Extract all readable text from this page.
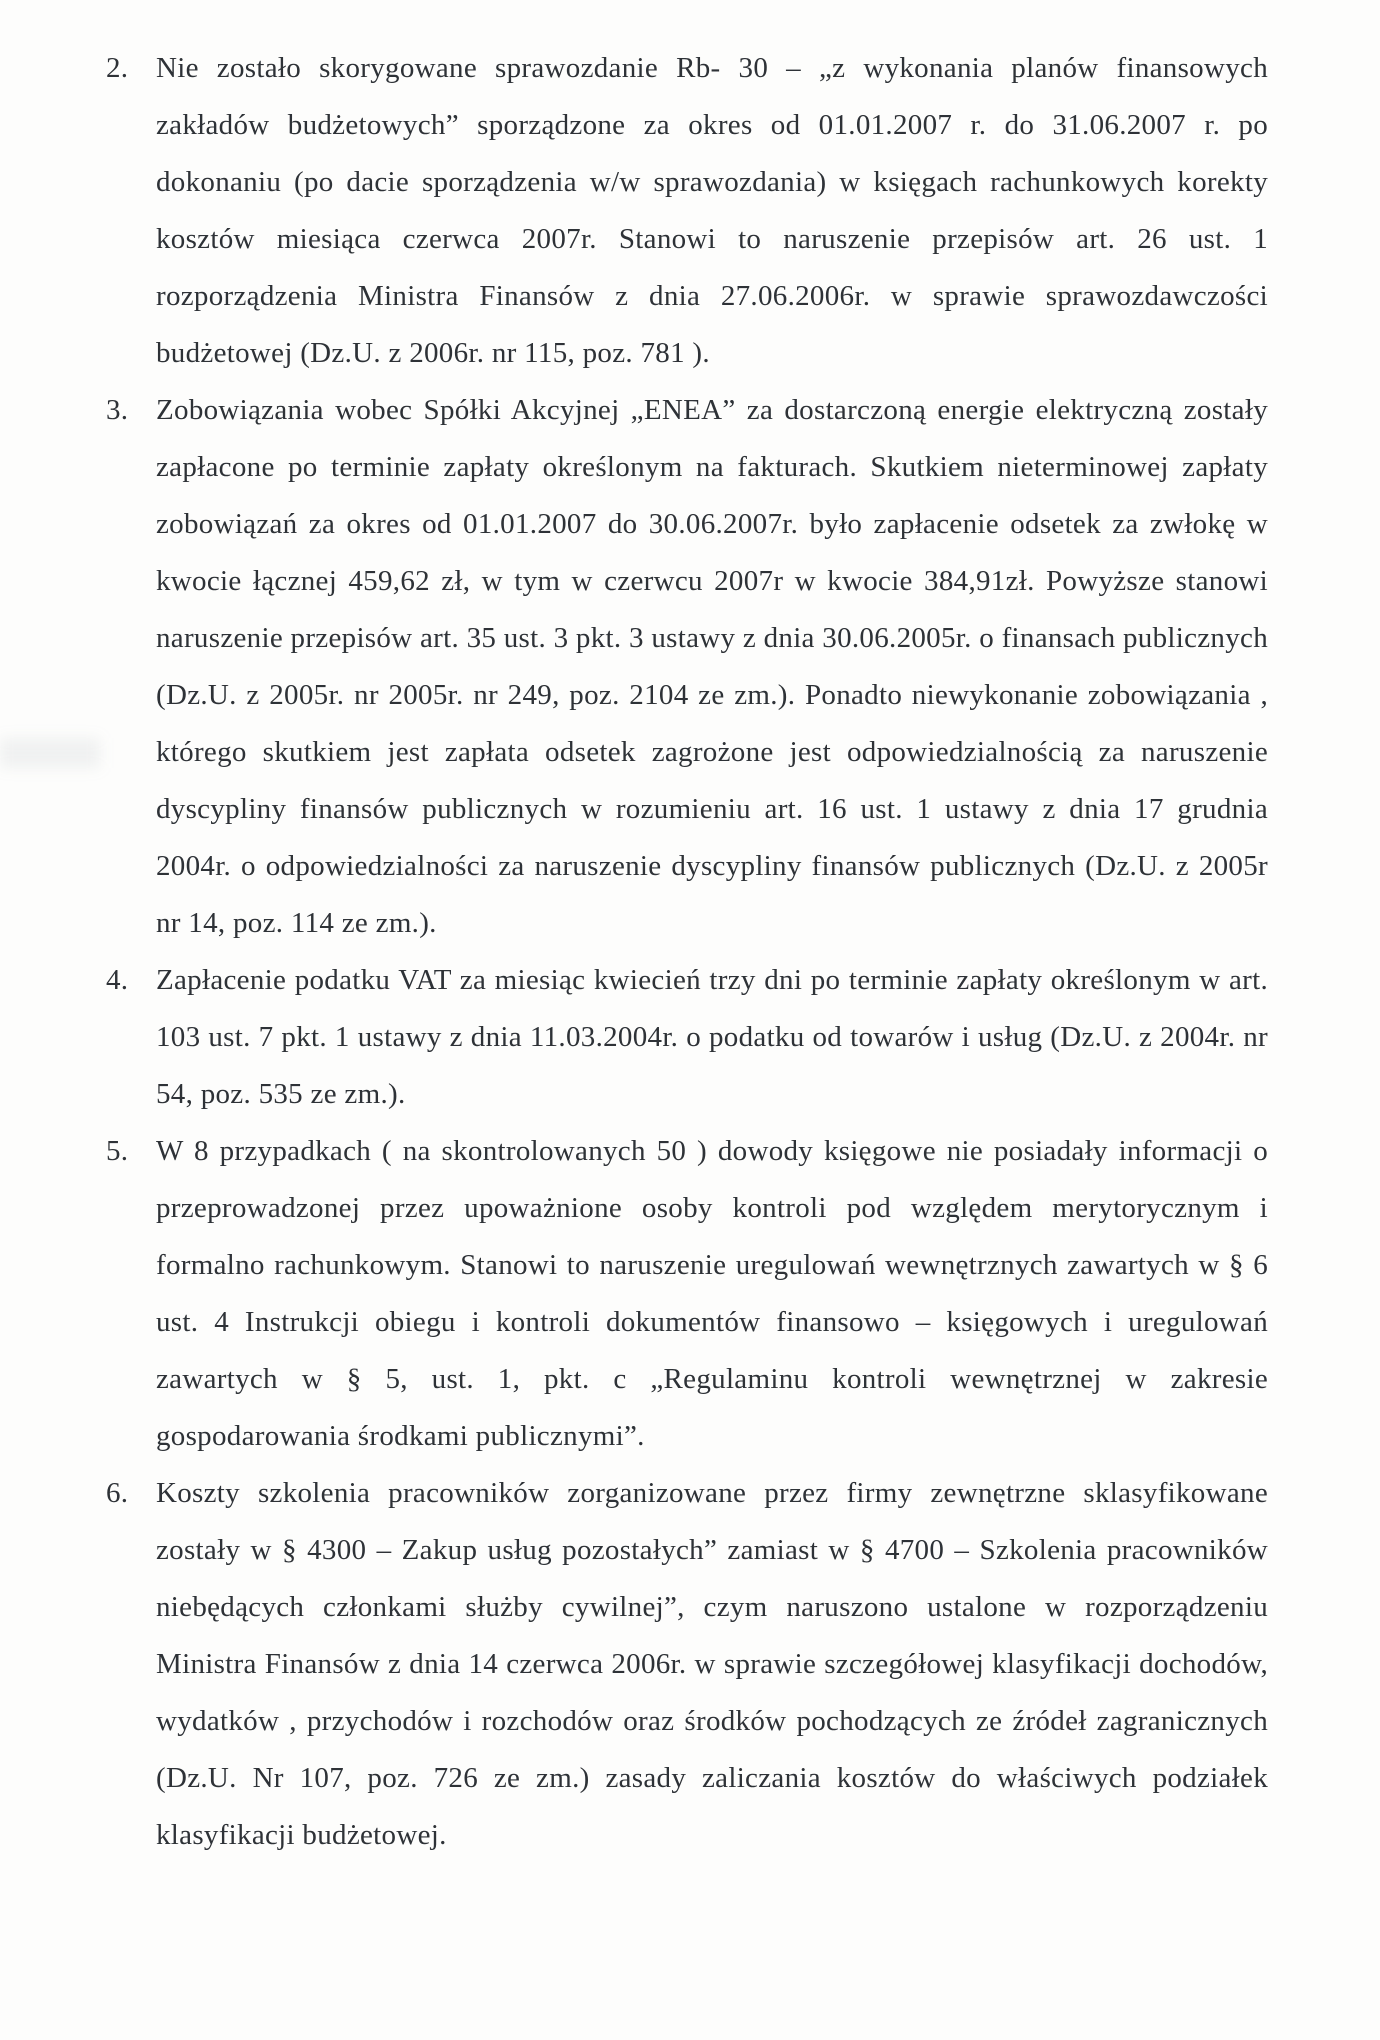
2. Nie zostało skorygowane sprawozdanie Rb- 30 – „z wykonania planów finansowych zakładów budżetowych” sporządzone za okres od 01.01.2007 r. do 31.06.2007 r. po dokonaniu (po dacie sporządzenia w/w sprawozdania) w księgach rachunkowych korekty kosztów miesiąca czerwca 2007r. Stanowi to naruszenie przepisów art. 26 ust. 1 rozporządzenia Ministra Finansów z dnia 27.06.2006r. w sprawie sprawozdawczości budżetowej (Dz.U. z 2006r. nr 115, poz. 781 ).

3. Zobowiązania wobec Spółki Akcyjnej „ENEA” za dostarczoną energie elektryczną zostały zapłacone po terminie zapłaty określonym na fakturach. Skutkiem nieterminowej zapłaty zobowiązań za okres od 01.01.2007 do 30.06.2007r. było zapłacenie odsetek za zwłokę w kwocie łącznej 459,62 zł, w tym w czerwcu 2007r w kwocie 384,91zł. Powyższe stanowi naruszenie przepisów art. 35 ust. 3 pkt. 3 ustawy z dnia 30.06.2005r. o finansach publicznych (Dz.U. z 2005r. nr 2005r. nr 249, poz. 2104 ze zm.). Ponadto niewykonanie zobowiązania , którego skutkiem jest zapłata odsetek zagrożone jest odpowiedzialnością za naruszenie dyscypliny finansów publicznych w rozumieniu art. 16 ust. 1 ustawy z dnia 17 grudnia 2004r. o odpowiedzialności za naruszenie dyscypliny finansów publicznych (Dz.U. z 2005r nr 14, poz. 114 ze zm.).

4. Zapłacenie podatku VAT za miesiąc kwiecień trzy dni po terminie zapłaty określonym w art. 103 ust. 7 pkt. 1 ustawy z dnia 11.03.2004r. o podatku od towarów i usług (Dz.U. z 2004r. nr 54, poz. 535 ze zm.).

5. W 8 przypadkach ( na skontrolowanych 50 ) dowody księgowe nie posiadały informacji o przeprowadzonej przez upoważnione osoby kontroli pod względem merytorycznym i formalno rachunkowym. Stanowi to naruszenie uregulowań wewnętrznych zawartych w § 6 ust. 4 Instrukcji obiegu i kontroli dokumentów finansowo – księgowych i uregulowań zawartych w § 5, ust. 1, pkt. c „Regulaminu kontroli wewnętrznej w zakresie gospodarowania środkami publicznymi”.

6. Koszty szkolenia pracowników zorganizowane przez firmy zewnętrzne sklasyfikowane zostały w § 4300 – Zakup usług pozostałych” zamiast w § 4700 – Szkolenia pracowników niebędących członkami służby cywilnej”, czym naruszono ustalone w rozporządzeniu Ministra Finansów z dnia 14 czerwca 2006r. w sprawie szczegółowej klasyfikacji dochodów, wydatków , przychodów i rozchodów oraz środków pochodzących ze źródeł zagranicznych (Dz.U. Nr 107, poz. 726 ze zm.) zasady zaliczania kosztów do właściwych podziałek klasyfikacji budżetowej.
